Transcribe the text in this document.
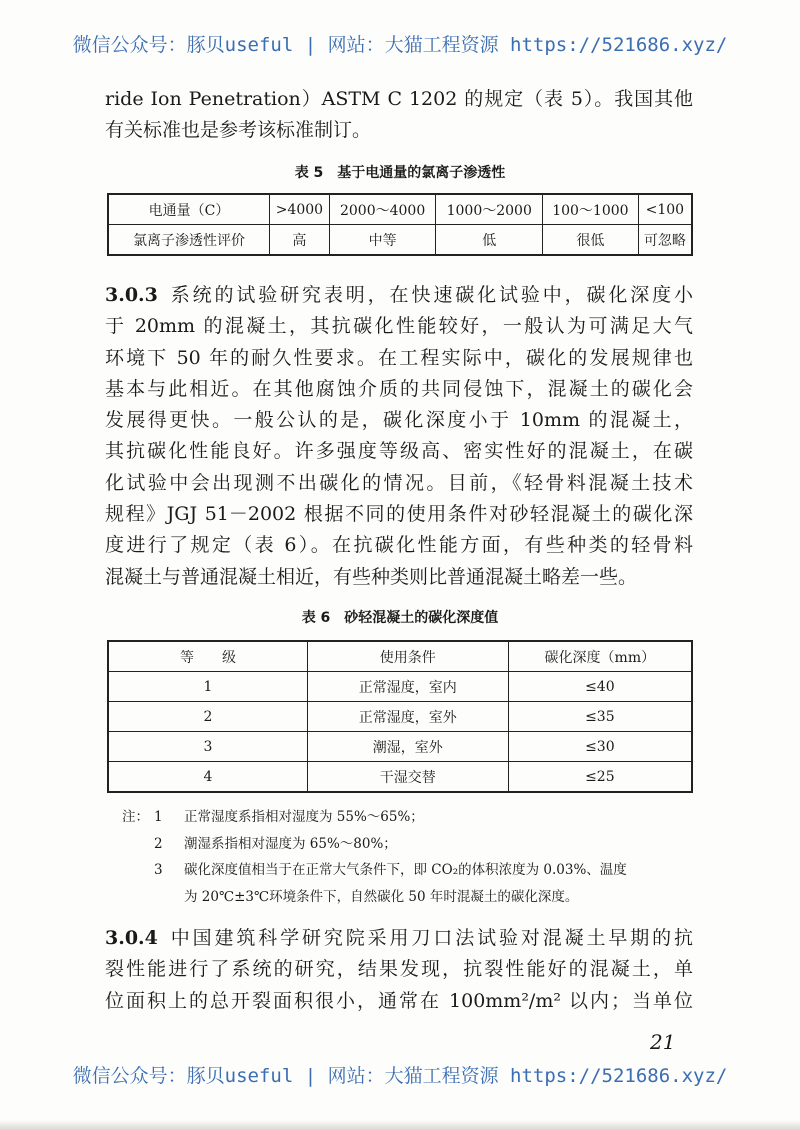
微信公众号：豚贝useful | 网站：大猫工程资源 https://521686.xyz/
ride Ion Penetration）ASTM C 1202 的规定（表 5）。我国其他
有关标准也是参考该标准制订。
表 5　基于电通量的氯离子渗透性
电通量（C）	>4000	2000～4000	1000～2000	100～1000	<100
氯离子渗透性评价	高	中等	低	很低	可忽略
3.0.3 系统的试验研究表明，在快速碳化试验中，碳化深度小
于 20mm 的混凝土，其抗碳化性能较好，一般认为可满足大气
环境下 50 年的耐久性要求。在工程实际中，碳化的发展规律也
基本与此相近。在其他腐蚀介质的共同侵蚀下，混凝土的碳化会
发展得更快。一般公认的是，碳化深度小于 10mm 的混凝土，
其抗碳化性能良好。许多强度等级高、密实性好的混凝土，在碳
化试验中会出现测不出碳化的情况。目前，《轻骨料混凝土技术
规程》JGJ 51－2002 根据不同的使用条件对砂轻混凝土的碳化深
度进行了规定（表 6）。在抗碳化性能方面，有些种类的轻骨料
混凝土与普通混凝土相近，有些种类则比普通混凝土略差一些。
表 6　砂轻混凝土的碳化深度值
等　　级	使用条件	碳化深度（mm）
1	正常湿度，室内	≤40
2	正常湿度，室外	≤35
3	潮湿，室外	≤30
4	干湿交替	≤25
注： 1 正常湿度系指相对湿度为 55%～65%；
2 潮湿系指相对湿度为 65%～80%；
3 碳化深度值相当于在正常大气条件下，即 CO₂的体积浓度为 0.03%、温度
为 20℃±3℃环境条件下，自然碳化 50 年时混凝土的碳化深度。
3.0.4 中国建筑科学研究院采用刀口法试验对混凝土早期的抗
裂性能进行了系统的研究，结果发现，抗裂性能好的混凝土，单
位面积上的总开裂面积很小，通常在 100mm²/m² 以内；当单位
21
微信公众号：豚贝useful | 网站：大猫工程资源 https://521686.xyz/
